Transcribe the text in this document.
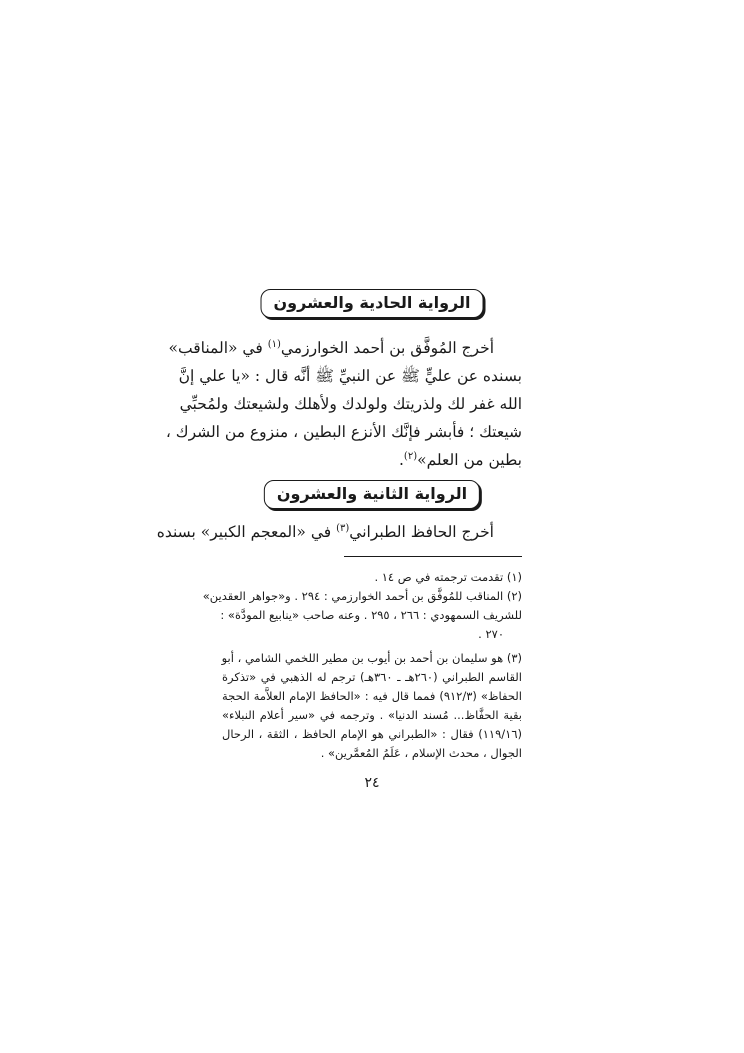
الرواية الحادية والعشرون
أخرج المُوفَّق بن أحمد الخوارزمي$^{(١)}$ في «المناقب»
بسنده عن عليٍّ ﷺ عن النبيِّ ﷺ أنَّه قال : «يا علي إنَّ
الله غفر لك ولذريتك ولولدك ولأهلك ولشيعتك ولمُحبِّي
شيعتك ؛ فأبشر فإنَّك الأنزع البطين ، منزوع من الشرك ،
بطين من العلم»$^{(٢)}$.
الرواية الثانية والعشرون
أخرج الحافظ الطبراني$^{(٣)}$ في «المعجم الكبير» بسنده
(١) تقدمت ترجمته في ص ١٤ .
(٢) المناقب للمُوفَّق بن أحمد الخوارزمي : ٢٩٤ . و«جواهر العقدين»
للشريف السمهودي : ٢٦٦ ، ٢٩٥ . وعنه صاحب «ينابيع المودَّة» :
٢٧٠ .
(٣) هو سليمان بن أحمد بن أيوب بن مطير اللخمي الشامي ، أبو
القاسم الطبراني (٢٦٠هـ ـ ٣٦٠هـ) ترجم له الذهبي في «تذكرة
الحفاظ» (٩١٢/٣) فمما قال فيه : «الحافظ الإمام العلاَّمة الحجة
بقية الحفَّاظ... مُسند الدنيا» . وترجمه في «سير أعلام النبلاء»
(١١٩/١٦) فقال : «الطبراني هو الإمام الحافظ ، الثقة ، الرحال
الجوال ، محدث الإسلام ، عَلَمُ المُعمَّرين» .
٢٤
